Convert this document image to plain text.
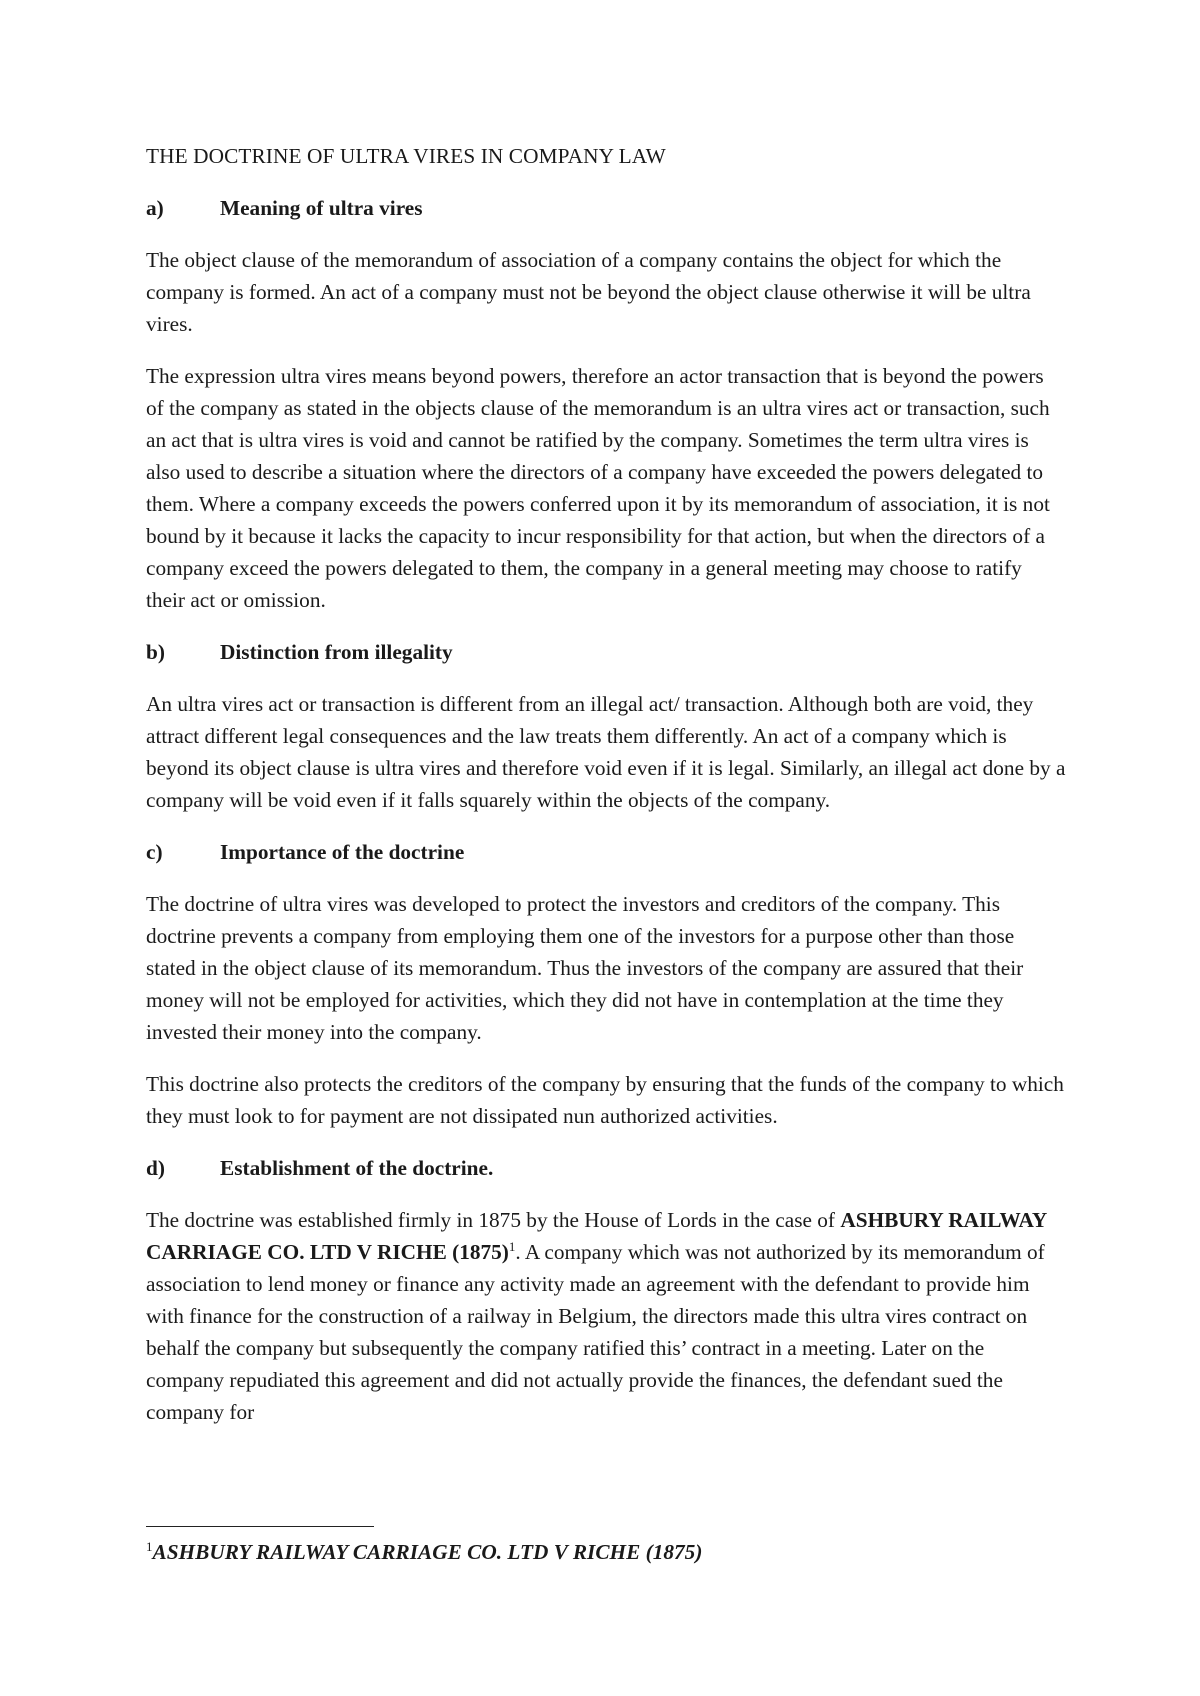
THE DOCTRINE OF ULTRA VIRES IN COMPANY LAW
a)	Meaning of ultra vires

The object clause of the memorandum of association of a company contains the object for which the company is formed. An act of a company must not be beyond the object clause otherwise it will be ultra vires.

The expression ultra vires means beyond powers, therefore an actor transaction that is beyond the powers of the company as stated in the objects clause of the memorandum is an ultra vires act or transaction, such an act that is ultra vires is void and cannot be ratified by the company. Sometimes the term ultra vires is also used to describe a situation where the directors of a company have exceeded the powers delegated to them. Where a company exceeds the powers conferred upon it by its memorandum of association, it is not bound by it because it lacks the capacity to incur responsibility for that action, but when the directors of a company exceed the powers delegated to them, the company in a general meeting may choose to ratify their act or omission.

b)	Distinction from illegality

An ultra vires act or transaction is different from an illegal act/ transaction. Although both are void, they attract different legal consequences and the law treats them differently. An act of a company which is beyond its object clause is ultra vires and therefore void even if it is legal. Similarly, an illegal act done by a company will be void even if it falls squarely within the objects of the company.

c)	Importance of the doctrine

The doctrine of ultra vires was developed to protect the investors and creditors of the company. This doctrine prevents a company from employing them one of the investors for a purpose other than those stated in the object clause of its memorandum. Thus the investors of the company are assured that their money will not be employed for activities, which they did not have in contemplation at the time they invested their money into the company.

This doctrine also protects the creditors of the company by ensuring that the funds of the company to which they must look to for payment are not dissipated nun authorized activities.

d)	Establishment of the doctrine.

The doctrine was established firmly in 1875 by the House of Lords in the case of ASHBURY RAILWAY CARRIAGE CO. LTD V RICHE $(1875)^1$. A company which was not authorized by its memorandum of association to lend money or finance any activity made an agreement with the defendant to provide him with finance for the construction of a railway in Belgium, the directors made this ultra vires contract on behalf the company but subsequently the company ratified this’ contract in a meeting. Later on the company repudiated this agreement and did not actually provide the finances, the defendant sued the company for

$^1$ASHBURY RAILWAY CARRIAGE CO. LTD V RICHE (1875)
